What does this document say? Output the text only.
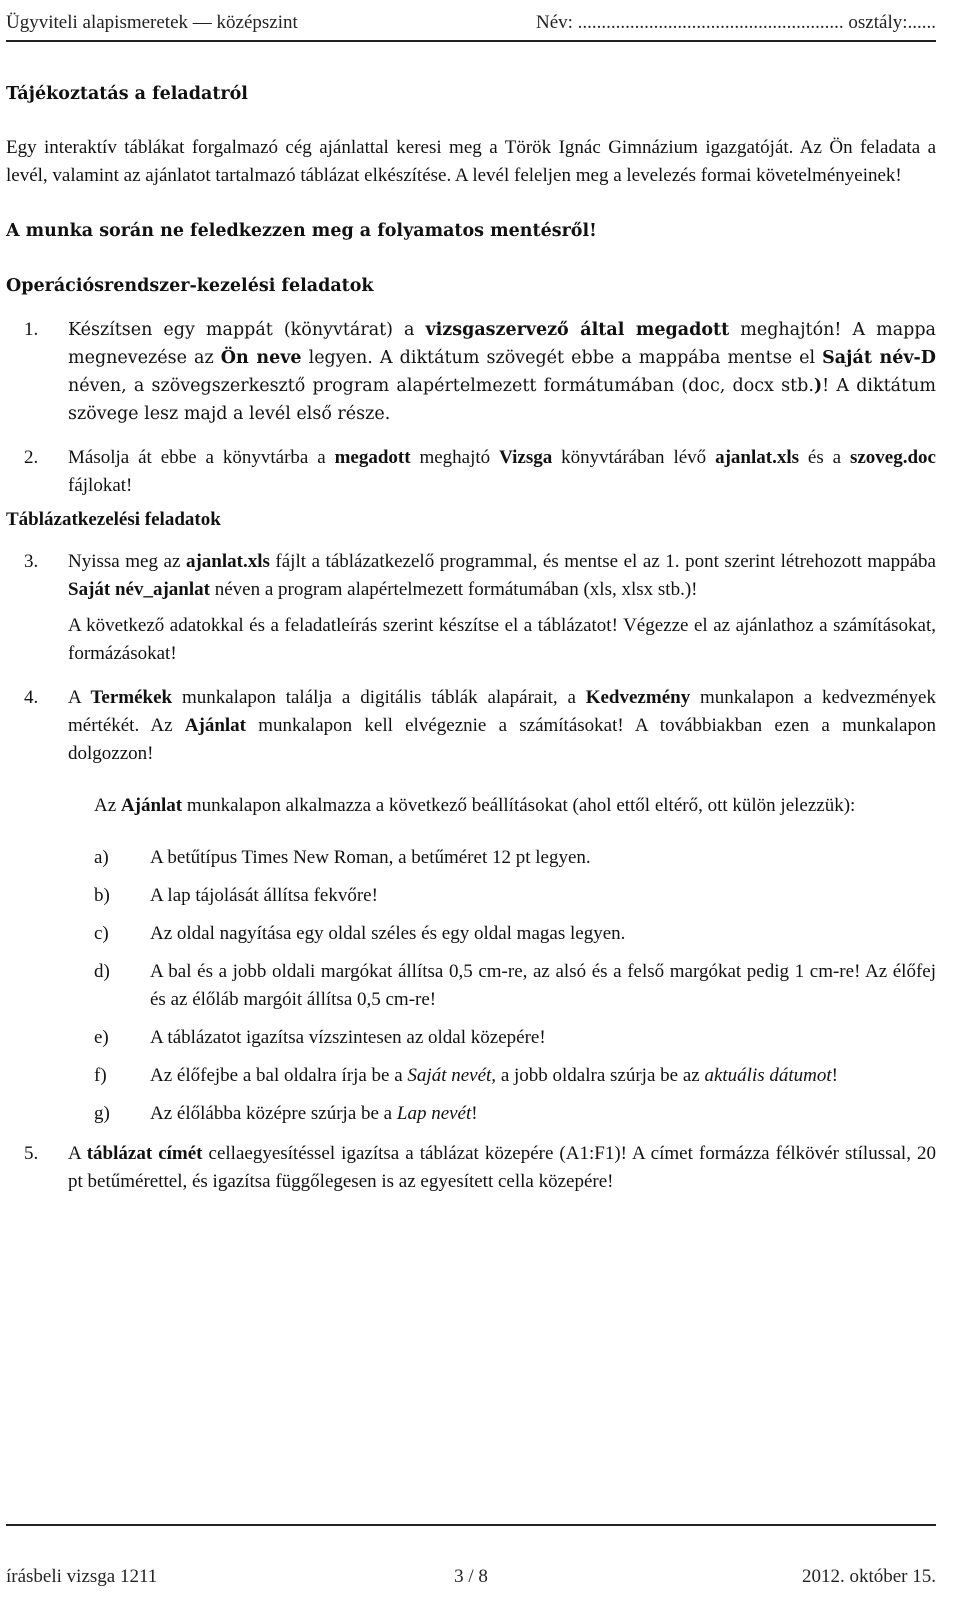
Ügyviteli alapismeretek — középszint	Név: ........................................................ osztály:......

Tájékoztatás a feladatról

Egy interaktív táblákat forgalmazó cég ajánlattal keresi meg a Török Ignác Gimnázium igazgatóját. Az Ön feladata a levél, valamint az ajánlatot tartalmazó táblázat elkészítése. A levél feleljen meg a levelezés formai követelményeinek!

A munka során ne feledkezzen meg a folyamatos mentésről!

Operációsrendszer-kezelési feladatok

1.	Készítsen egy mappát (könyvtárat) a vizsgaszervező által megadott meghajtón! A mappa megnevezése az Ön neve legyen. A diktátum szövegét ebbe a mappába mentse el Saját név-D néven, a szövegszerkesztő program alapértelmezett formátumában (doc, docx stb.)! A diktátum szövege lesz majd a levél első része.
2.	Másolja át ebbe a könyvtárba a megadott meghajtó Vizsga könyvtárában lévő ajanlat.xls és a szoveg.doc fájlokat!

Táblázatkezelési feladatok

3.	Nyissa meg az ajanlat.xls fájlt a táblázatkezelő programmal, és mentse el az 1. pont szerint létrehozott mappába Saját név_ajanlat néven a program alapértelmezett formátumában (xls, xlsx stb.)!
A következő adatokkal és a feladatleírás szerint készítse el a táblázatot! Végezze el az ajánlathoz a számításokat, formázásokat!
4.	A Termékek munkalapon találja a digitális táblák alapárait, a Kedvezmény munkalapon a kedvezmények mértékét. Az Ajánlat munkalapon kell elvégeznie a számításokat! A továbbiakban ezen a munkalapon dolgozzon!

Az Ajánlat munkalapon alkalmazza a következő beállításokat (ahol ettől eltérő, ott külön jelezzük):

a)	A betűtípus Times New Roman, a betűméret 12 pt legyen.
b)	A lap tájolását állítsa fekvőre!
c)	Az oldal nagyítása egy oldal széles és egy oldal magas legyen.
d)	A bal és a jobb oldali margókat állítsa 0,5 cm-re, az alsó és a felső margókat pedig 1 cm-re! Az élőfej és az élőláb margóit állítsa 0,5 cm-re!
e)	A táblázatot igazítsa vízszintesen az oldal közepére!
f)	Az élőfejbe a bal oldalra írja be a Saját nevét, a jobb oldalra szúrja be az aktuális dátumot!
g)	Az élőlábba középre szúrja be a Lap nevét!
5.	A táblázat címét cellaegyesítéssel igazítsa a táblázat közepére (A1:F1)! A címet formázza félkövér stílussal, 20 pt betűmérettel, és igazítsa függőlegesen is az egyesített cella közepére!
írásbeli vizsga 1211	3 / 8	2012. október 15.
